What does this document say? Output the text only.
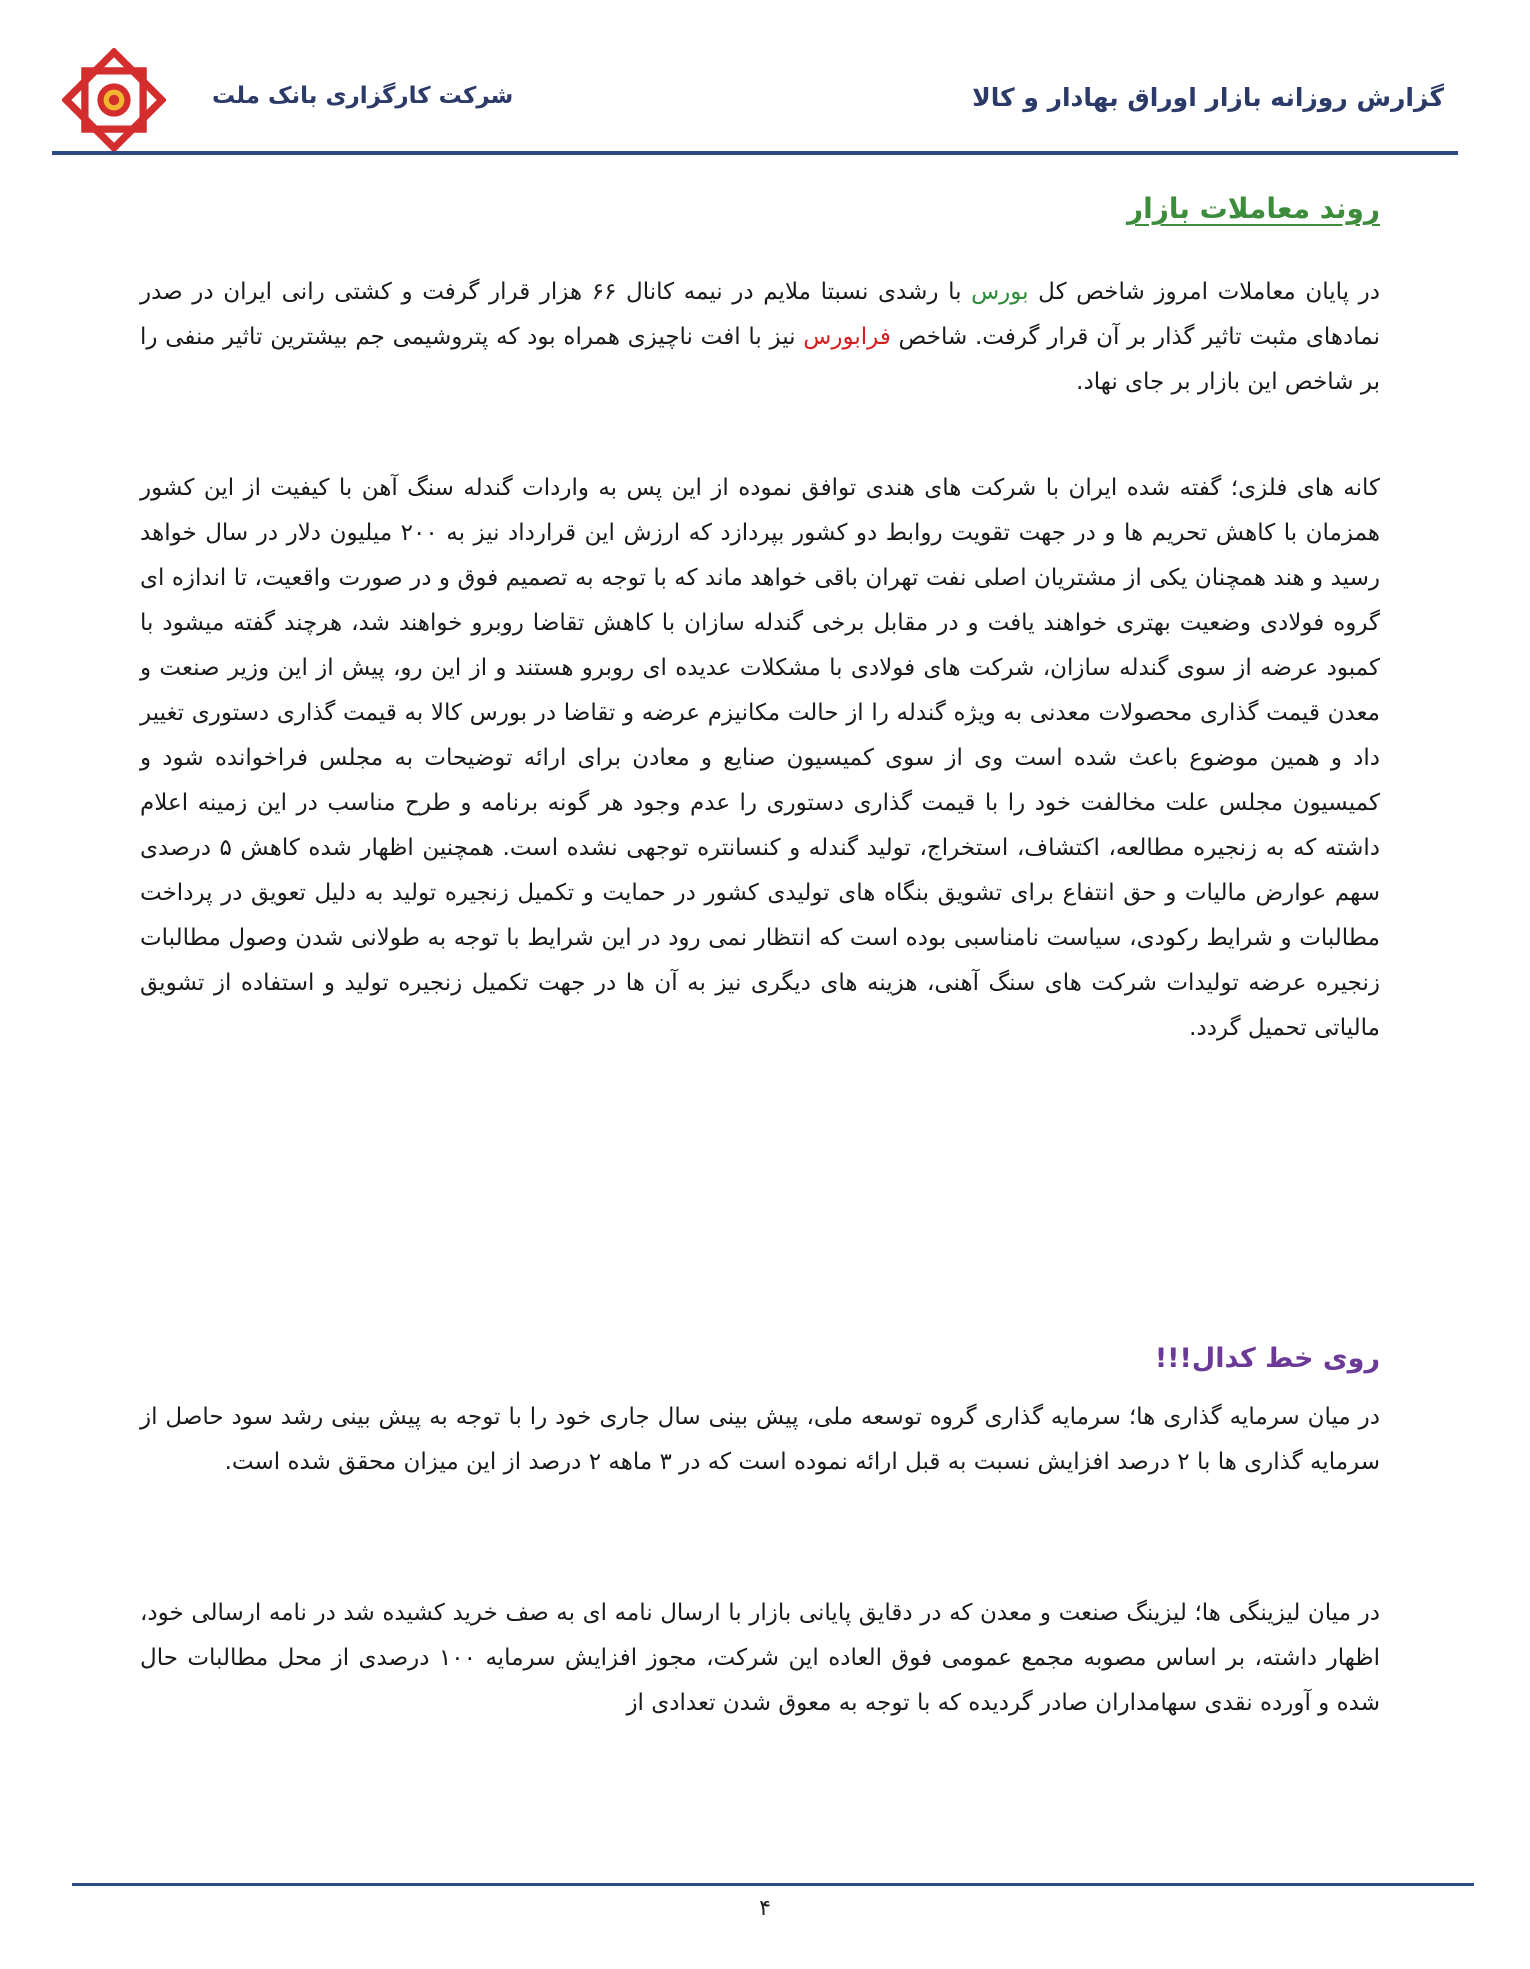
شرکت کارگزاری بانک ملت	گزارش روزانه بازار اوراق بهادار و کالا
روند معاملات بازار
در پایان معاملات امروز شاخص کل بورس با رشدی نسبتا ملایم در نیمه کانال ۶۶ هزار قرار گرفت و کشتی رانی ایران در صدر نمادهای مثبت تاثیر گذار بر آن قرار گرفت. شاخص فرابورس نیز با افت ناچیزی همراه بود که پتروشیمی جم بیشترین تاثیر منفی را بر شاخص این بازار بر جای نهاد.
کانه های فلزی؛ گفته شده ایران با شرکت های هندی توافق نموده از این پس به واردات گندله سنگ آهن با کیفیت از این کشور همزمان با کاهش تحریم ها و در جهت تقویت روابط دو کشور بپردازد که ارزش این قرارداد نیز به ۲۰۰ میلیون دلار در سال خواهد رسید و هند همچنان یکی از مشتریان اصلی نفت تهران باقی خواهد ماند که با توجه به تصمیم فوق و در صورت واقعیت، تا اندازه ای گروه فولادی وضعیت بهتری خواهند یافت و در مقابل برخی گندله سازان با کاهش تقاضا روبرو خواهند شد، هرچند گفته میشود با کمبود عرضه از سوی گندله سازان، شرکت های فولادی با مشکلات عدیده ای روبرو هستند و از این رو، پیش از این وزیر صنعت و معدن قیمت گذاری محصولات معدنی به ویژه گندله را از حالت مکانیزم عرضه و تقاضا در بورس کالا به قیمت گذاری دستوری تغییر داد و همین موضوع باعث شده است وی از سوی کمیسیون صنایع و معادن برای ارائه توضیحات به مجلس فراخوانده شود و کمیسیون مجلس علت مخالفت خود را با قیمت گذاری دستوری را عدم وجود هر گونه برنامه و طرح مناسب در این زمینه اعلام داشته که به زنجیره مطالعه، اکتشاف، استخراج، تولید گندله و کنسانتره توجهی نشده است. همچنین اظهار شده کاهش ۵ درصدی سهم عوارض مالیات و حق انتفاع برای تشویق بنگاه های تولیدی کشور در حمایت و تکمیل زنجیره تولید به دلیل تعویق در پرداخت مطالبات و شرایط رکودی، سیاست نامناسبی بوده است که انتظار نمی رود در این شرایط با توجه به طولانی شدن وصول مطالبات زنجیره عرضه تولیدات شرکت های سنگ آهنی، هزینه های دیگری نیز به آن ها در جهت تکمیل زنجیره تولید و استفاده از تشویق مالیاتی تحمیل گردد.
روی خط کدال!!!
در میان سرمایه گذاری ها؛ سرمایه گذاری گروه توسعه ملی، پیش بینی سال جاری خود را با توجه به پیش بینی رشد سود حاصل از سرمایه گذاری ها با ۲ درصد افزایش نسبت به قبل ارائه نموده است که در ۳ ماهه ۲ درصد از این میزان محقق شده است.
در میان لیزینگی ها؛ لیزینگ صنعت و معدن که در دقایق پایانی بازار با ارسال نامه ای به صف خرید کشیده شد در نامه ارسالی خود، اظهار داشته، بر اساس مصوبه مجمع عمومی فوق العاده این شرکت، مجوز افزایش سرمایه ۱۰۰ درصدی از محل مطالبات حال شده و آورده نقدی سهامداران صادر گردیده که با توجه به معوق شدن تعدادی از
۴
